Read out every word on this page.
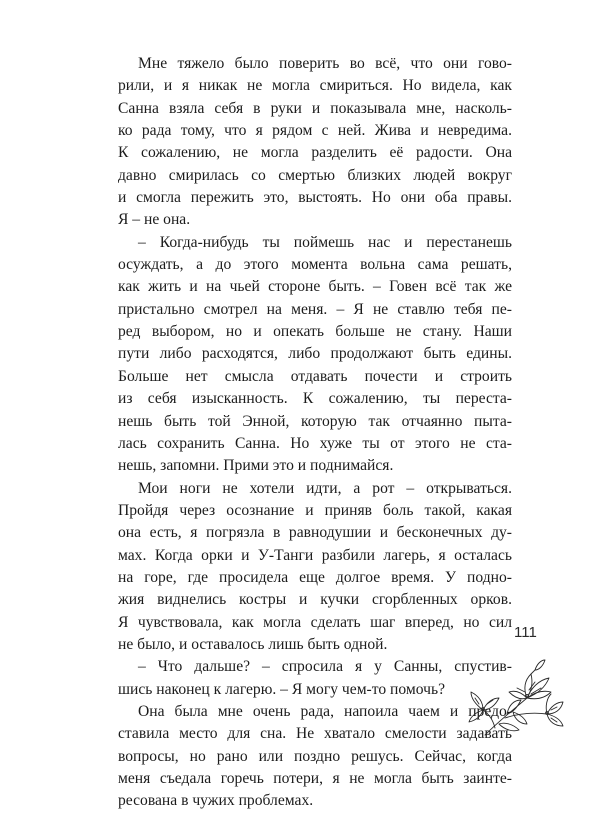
Мне тяжело было поверить во всё, что они гово-
рили, и я никак не могла смириться. Но видела, как
Санна взяла себя в руки и показывала мне, насколь-
ко рада тому, что я рядом с ней. Жива и невредима.
К сожалению, не могла разделить её радости. Она
давно смирилась со смертью близких людей вокруг
и смогла пережить это, выстоять. Но они оба правы.
Я – не она.
– Когда-нибудь ты поймешь нас и перестанешь
осуждать, а до этого момента вольна сама решать,
как жить и на чьей стороне быть. – Говен всё так же
пристально смотрел на меня. – Я не ставлю тебя пе-
ред выбором, но и опекать больше не стану. Наши
пути либо расходятся, либо продолжают быть едины.
Больше нет смысла отдавать почести и строить
из себя изысканность. К сожалению, ты переста-
нешь быть той Энной, которую так отчаянно пыта-
лась сохранить Санна. Но хуже ты от этого не ста-
нешь, запомни. Прими это и поднимайся.
Мои ноги не хотели идти, а рот – открываться.
Пройдя через осознание и приняв боль такой, какая
она есть, я погрязла в равнодушии и бесконечных ду-
мах. Когда орки и У-Танги разбили лагерь, я осталась
на горе, где просидела еще долгое время. У подно-
жия виднелись костры и кучки сгорбленных орков.
Я чувствовала, как могла сделать шаг вперед, но сил
не было, и оставалось лишь быть одной.
– Что дальше? – спросила я у Санны, спустив-
шись наконец к лагерю. – Я могу чем-то помочь?
Она была мне очень рада, напоила чаем и предо-
ставила место для сна. Не хватало смелости задавать
вопросы, но рано или поздно решусь. Сейчас, когда
меня съедала горечь потери, я не могла быть заинте-
ресована в чужих проблемах.
111
